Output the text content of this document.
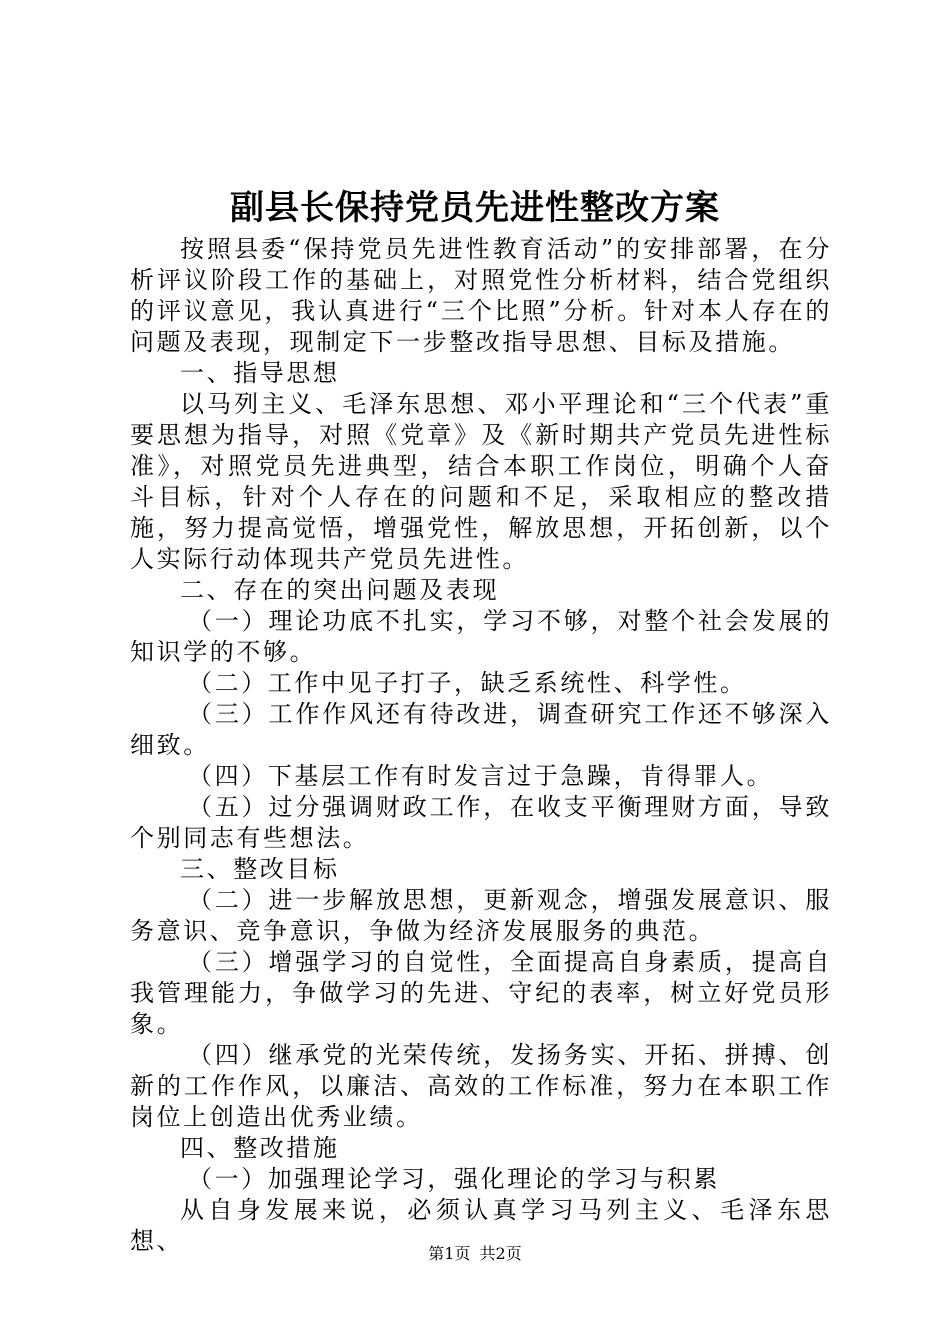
副县长保持党员先进性整改方案

按照县委“保持党员先进性教育活动”的安排部署，在分析评议阶段工作的基础上，对照党性分析材料，结合党组织的评议意见，我认真进行“三个比照”分析。针对本人存在的问题及表现，现制定下一步整改指导思想、目标及措施。

一、指导思想

以马列主义、毛泽东思想、邓小平理论和“三个代表”重要思想为指导，对照《党章》及《新时期共产党员先进性标准》，对照党员先进典型，结合本职工作岗位，明确个人奋斗目标，针对个人存在的问题和不足，采取相应的整改措施，努力提高觉悟，增强党性，解放思想，开拓创新，以个人实际行动体现共产党员先进性。

二、存在的突出问题及表现

（一）理论功底不扎实，学习不够，对整个社会发展的知识学的不够。

（二）工作中见子打子，缺乏系统性、科学性。

（三）工作作风还有待改进，调查研究工作还不够深入细致。

（四）下基层工作有时发言过于急躁，肯得罪人。

（五）过分强调财政工作，在收支平衡理财方面，导致个别同志有些想法。

三、整改目标

（二）进一步解放思想，更新观念，增强发展意识、服务意识、竞争意识，争做为经济发展服务的典范。

（三）增强学习的自觉性，全面提高自身素质，提高自我管理能力，争做学习的先进、守纪的表率，树立好党员形象。

（四）继承党的光荣传统，发扬务实、开拓、拼搏、创新的工作作风，以廉洁、高效的工作标准，努力在本职工作岗位上创造出优秀业绩。

四、整改措施

（一）加强理论学习，强化理论的学习与积累

从自身发展来说，必须认真学习马列主义、毛泽东思想、	第1页 共2页
